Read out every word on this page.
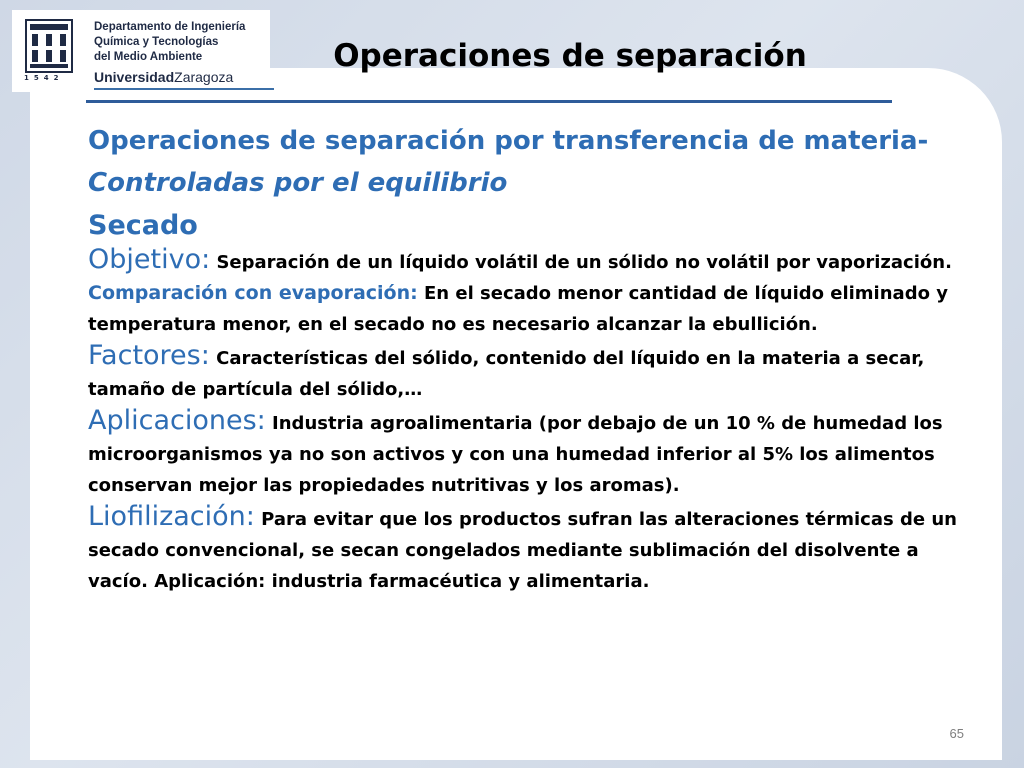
1542
Departamento de Ingeniería
Química y Tecnologías
del Medio Ambiente
UniversidadZaragoza
Operaciones de separación
Operaciones de separación por transferencia de materia-
Controladas por el equilibrio
Secado

Objetivo: Separación de un líquido volátil de un sólido no volátil por vaporización.

Comparación con evaporación: En el secado menor cantidad de líquido eliminado y temperatura menor, en el secado no es necesario alcanzar la ebullición.

Factores: Características del sólido, contenido del líquido en la materia a secar, tamaño de partícula del sólido,…

Aplicaciones: Industria agroalimentaria (por debajo de un 10 % de humedad los microorganismos ya no son activos y con una humedad inferior al 5% los alimentos conservan mejor las propiedades nutritivas y los aromas).

Liofilización: Para evitar que los productos sufran las alteraciones térmicas de un secado convencional, se secan congelados mediante sublimación del disolvente a vacío. Aplicación: industria farmacéutica y alimentaria.

65
